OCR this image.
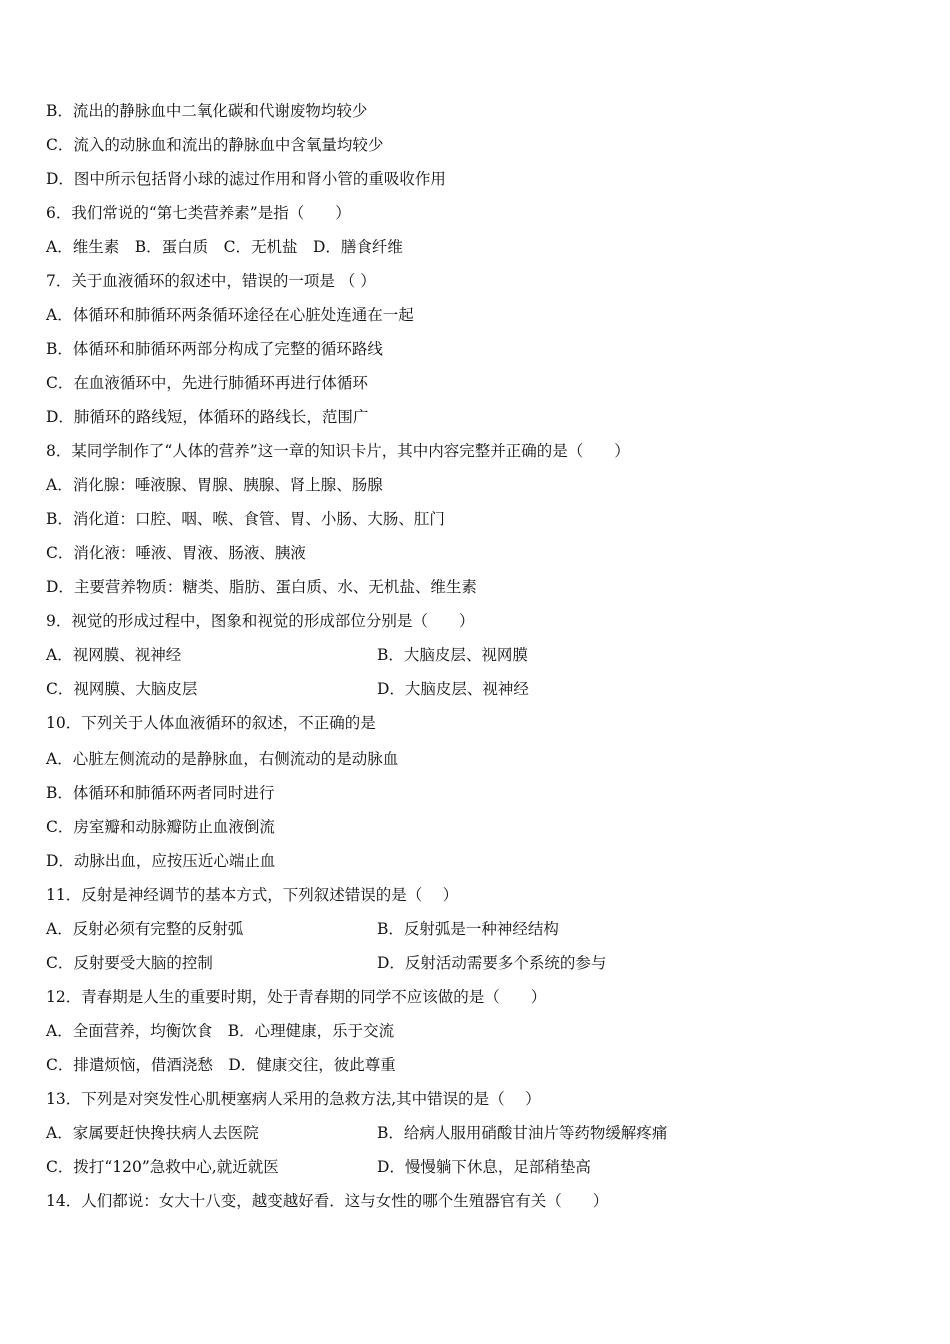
B．流出的静脉血中二氧化碳和代谢废物均较少
C．流入的动脉血和流出的静脉血中含氧量均较少
D．图中所示包括肾小球的滤过作用和肾小管的重吸收作用
6．我们常说的“第七类营养素”是指（　　）
A．维生素　B．蛋白质　C．无机盐　D．膳食纤维
7．关于血液循环的叙述中，错误的一项是 （ ）
A．体循环和肺循环两条循环途径在心脏处连通在一起
B．体循环和肺循环两部分构成了完整的循环路线
C．在血液循环中，先进行肺循环再进行体循环
D．肺循环的路线短，体循环的路线长，范围广
8．某同学制作了“人体的营养”这一章的知识卡片，其中内容完整并正确的是（　　）
A．消化腺：唾液腺、胃腺、胰腺、肾上腺、肠腺
B．消化道：口腔、咽、喉、食管、胃、小肠、大肠、肛门
C．消化液：唾液、胃液、肠液、胰液
D．主要营养物质：糖类、脂肪、蛋白质、水、无机盐、维生素
9．视觉的形成过程中，图象和视觉的形成部位分别是（　　）
A．视网膜、视神经	B．大脑皮层、视网膜
C．视网膜、大脑皮层	D．大脑皮层、视神经
10．下列关于人体血液循环的叙述，不正确的是
A．心脏左侧流动的是静脉血，右侧流动的是动脉血
B．体循环和肺循环两者同时进行
C．房室瓣和动脉瓣防止血液倒流
D．动脉出血，应按压近心端止血
11．反射是神经调节的基本方式，下列叙述错误的是（　 ）
A．反射必须有完整的反射弧	B．反射弧是一种神经结构
C．反射要受大脑的控制	D．反射活动需要多个系统的参与
12．青春期是人生的重要时期，处于青春期的同学不应该做的是（　　）
A．全面营养，均衡饮食　B．心理健康，乐于交流
C．排遣烦恼，借酒浇愁　D．健康交往，彼此尊重
13．下列是对突发性心肌梗塞病人采用的急救方法,其中错误的是（　 ）
A．家属要赶快搀扶病人去医院	B．给病人服用硝酸甘油片等药物缓解疼痛
C．拨打“120”急救中心,就近就医	D．慢慢躺下休息，足部稍垫高
14．人们都说：女大十八变，越变越好看．这与女性的哪个生殖器官有关（　　）
